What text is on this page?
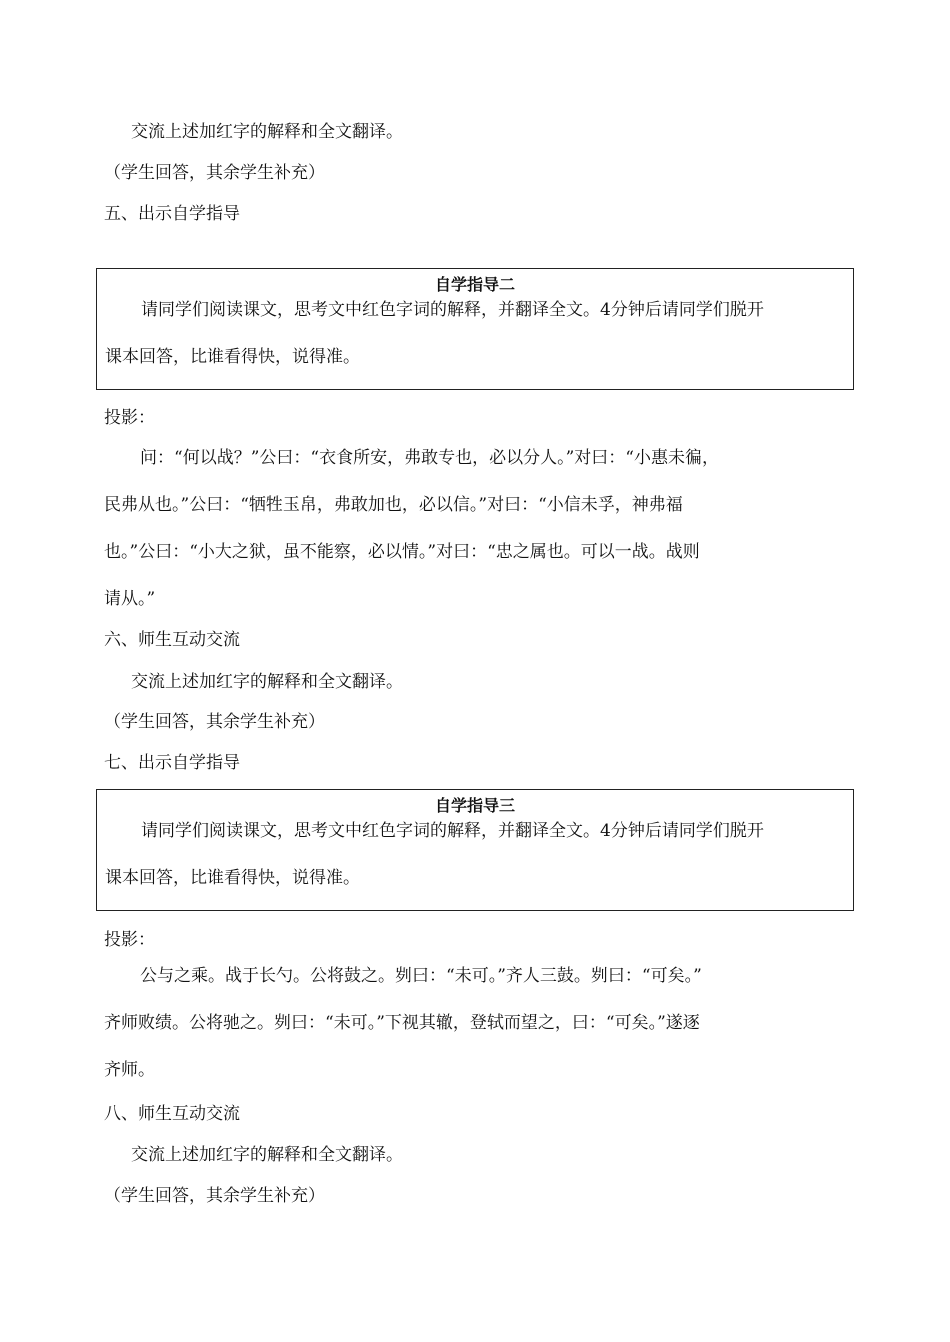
交流上述加红字的解释和全文翻译。
（学生回答，其余学生补充）
五、出示自学指导
自学指导二
请同学们阅读课文，思考文中红色字词的解释，并翻译全文。4分钟后请同学们脱开
课本回答，比谁看得快，说得准。
投影：
问：“何以战？”公曰：“衣食所安，弗敢专也，必以分人。”对曰：“小惠未徧，
民弗从也。”公曰：“牺牲玉帛，弗敢加也，必以信。”对曰：“小信未孚，神弗福
也。”公曰：“小大之狱，虽不能察，必以情。”对曰：“忠之属也。可以一战。战则
请从。”
六、师生互动交流
交流上述加红字的解释和全文翻译。
（学生回答，其余学生补充）
七、出示自学指导
自学指导三
请同学们阅读课文，思考文中红色字词的解释，并翻译全文。4分钟后请同学们脱开
课本回答，比谁看得快，说得准。
投影：
公与之乘。战于长勺。公将鼓之。刿曰：“未可。”齐人三鼓。刿曰：“可矣。”
齐师败绩。公将驰之。刿曰：“未可。”下视其辙，登轼而望之，曰：“可矣。”遂逐
齐师。
八、师生互动交流
交流上述加红字的解释和全文翻译。
（学生回答，其余学生补充）
